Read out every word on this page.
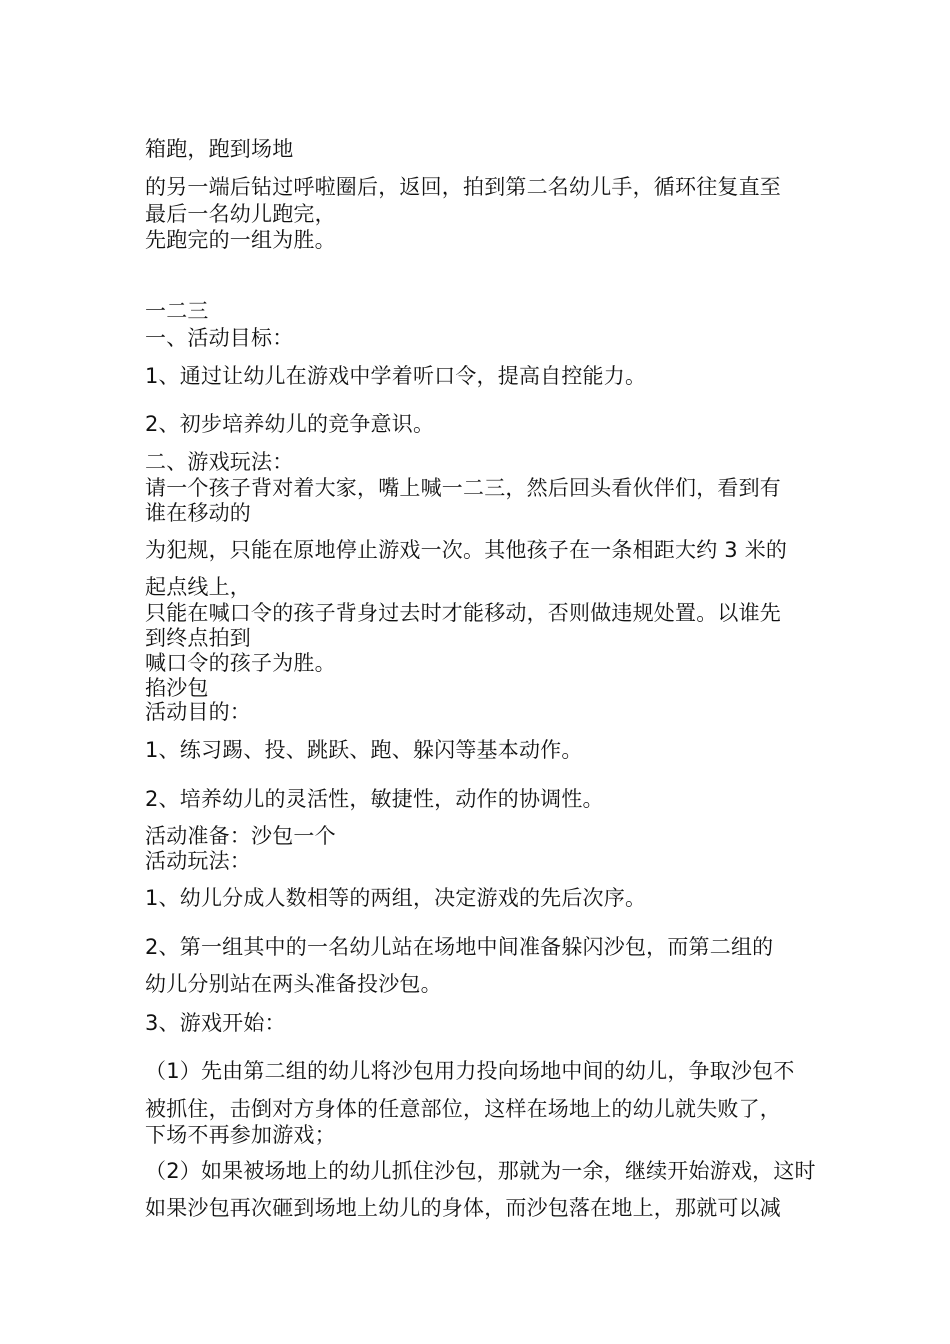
箱跑，跑到场地
的另一端后钻过呼啦圈后，返回，拍到第二名幼儿手，循环往复直至
最后一名幼儿跑完，
先跑完的一组为胜。
一二三
一、活动目标：
1、通过让幼儿在游戏中学着听口令，提高自控能力。
2、初步培养幼儿的竞争意识。
二、游戏玩法：
请一个孩子背对着大家，嘴上喊一二三，然后回头看伙伴们，看到有
谁在移动的
为犯规，只能在原地停止游戏一次。其他孩子在一条相距大约 3 米的
起点线上，
只能在喊口令的孩子背身过去时才能移动，否则做违规处置。以谁先
到终点拍到
喊口令的孩子为胜。
掐沙包
活动目的：
1、练习踢、投、跳跃、跑、躲闪等基本动作。
2、培养幼儿的灵活性，敏捷性，动作的协调性。
活动准备：沙包一个
活动玩法：
1、幼儿分成人数相等的两组，决定游戏的先后次序。
2、第一组其中的一名幼儿站在场地中间准备躲闪沙包，而第二组的
幼儿分别站在两头准备投沙包。
3、游戏开始：
（1）先由第二组的幼儿将沙包用力投向场地中间的幼儿，争取沙包不
被抓住，击倒对方身体的任意部位，这样在场地上的幼儿就失败了，
下场不再参加游戏；
（2）如果被场地上的幼儿抓住沙包，那就为一余，继续开始游戏，这时
如果沙包再次砸到场地上幼儿的身体，而沙包落在地上，那就可以减
